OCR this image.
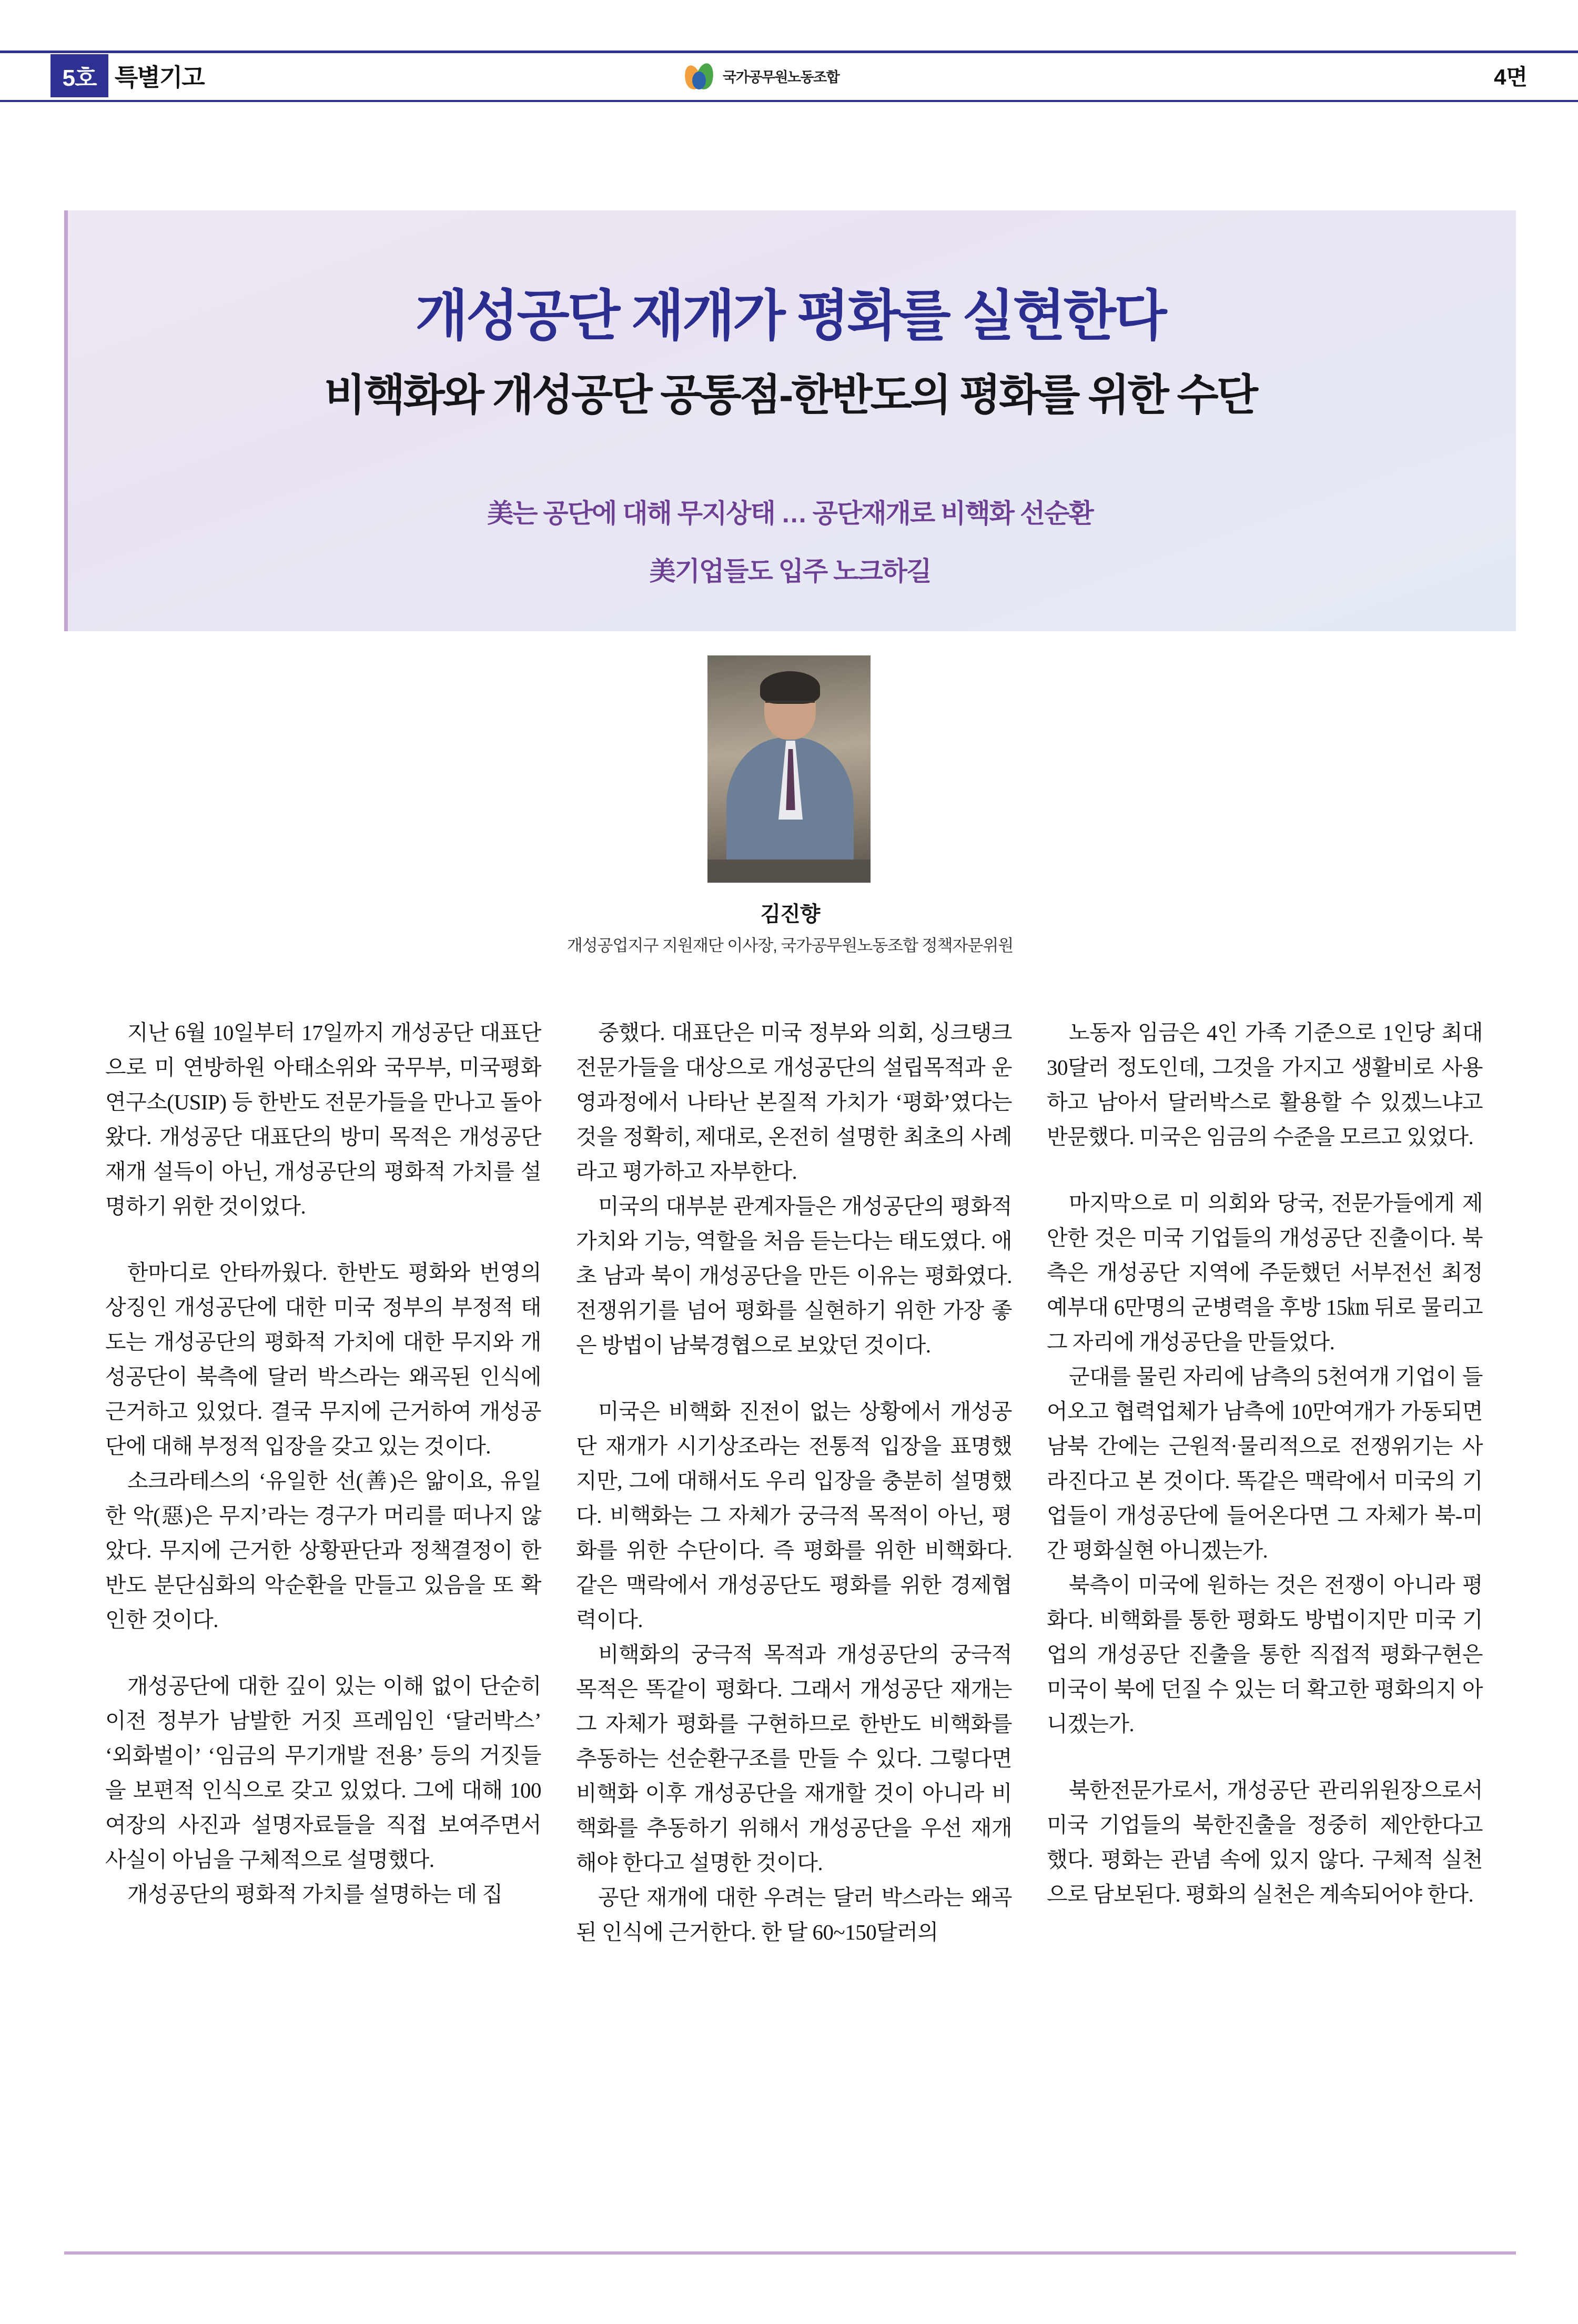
5호 특별기고	국가공무원노동조합	4면
개성공단 재개가 평화를 실현한다
비핵화와 개성공단 공통점-한반도의 평화를 위한 수단
美는 공단에 대해 무지상태 … 공단재개로 비핵화 선순환
美기업들도 입주 노크하길
김진향
개성공업지구 지원재단 이사장, 국가공무원노동조합 정책자문위원

지난 6월 10일부터 17일까지 개성공단 대표단으로 미 연방하원 아태소위와 국무부, 미국평화연구소(USIP) 등 한반도 전문가들을 만나고 돌아왔다. 개성공단 대표단의 방미 목적은 개성공단 재개 설득이 아닌, 개성공단의 평화적 가치를 설명하기 위한 것이었다.

한마디로 안타까웠다. 한반도 평화와 번영의 상징인 개성공단에 대한 미국 정부의 부정적 태도는 개성공단의 평화적 가치에 대한 무지와 개성공단이 북측에 달러 박스라는 왜곡된 인식에 근거하고 있었다. 결국 무지에 근거하여 개성공단에 대해 부정적 입장을 갖고 있는 것이다.

소크라테스의 ‘유일한 선(善)은 앎이요, 유일한 악(惡)은 무지’라는 경구가 머리를 떠나지 않았다. 무지에 근거한 상황판단과 정책결정이 한반도 분단심화의 악순환을 만들고 있음을 또 확인한 것이다.

개성공단에 대한 깊이 있는 이해 없이 단순히 이전 정부가 남발한 거짓 프레임인 ‘달러박스’ ‘외화벌이’ ‘임금의 무기개발 전용’ 등의 거짓들을 보편적 인식으로 갖고 있었다. 그에 대해 100여장의 사진과 설명자료들을 직접 보여주면서 사실이 아님을 구체적으로 설명했다.

개성공단의 평화적 가치를 설명하는 데 집

중했다. 대표단은 미국 정부와 의회, 싱크탱크 전문가들을 대상으로 개성공단의 설립목적과 운영과정에서 나타난 본질적 가치가 ‘평화’였다는 것을 정확히, 제대로, 온전히 설명한 최초의 사례라고 평가하고 자부한다.

미국의 대부분 관계자들은 개성공단의 평화적 가치와 기능, 역할을 처음 듣는다는 태도였다. 애초 남과 북이 개성공단을 만든 이유는 평화였다. 전쟁위기를 넘어 평화를 실현하기 위한 가장 좋은 방법이 남북경협으로 보았던 것이다.

미국은 비핵화 진전이 없는 상황에서 개성공단 재개가 시기상조라는 전통적 입장을 표명했지만, 그에 대해서도 우리 입장을 충분히 설명했다. 비핵화는 그 자체가 궁극적 목적이 아닌, 평화를 위한 수단이다. 즉 평화를 위한 비핵화다. 같은 맥락에서 개성공단도 평화를 위한 경제협력이다.

비핵화의 궁극적 목적과 개성공단의 궁극적 목적은 똑같이 평화다. 그래서 개성공단 재개는 그 자체가 평화를 구현하므로 한반도 비핵화를 추동하는 선순환구조를 만들 수 있다. 그렇다면 비핵화 이후 개성공단을 재개할 것이 아니라 비핵화를 추동하기 위해서 개성공단을 우선 재개해야 한다고 설명한 것이다.

공단 재개에 대한 우려는 달러 박스라는 왜곡된 인식에 근거한다. 한 달 60~150달러의

노동자 임금은 4인 가족 기준으로 1인당 최대 30달러 정도인데, 그것을 가지고 생활비로 사용하고 남아서 달러박스로 활용할 수 있겠느냐고 반문했다. 미국은 임금의 수준을 모르고 있었다.

마지막으로 미 의회와 당국, 전문가들에게 제안한 것은 미국 기업들의 개성공단 진출이다. 북측은 개성공단 지역에 주둔했던 서부전선 최정예부대 6만명의 군병력을 후방 15㎞ 뒤로 물리고 그 자리에 개성공단을 만들었다.

군대를 물린 자리에 남측의 5천여개 기업이 들어오고 협력업체가 남측에 10만여개가 가동되면 남북 간에는 근원적·물리적으로 전쟁위기는 사라진다고 본 것이다. 똑같은 맥락에서 미국의 기업들이 개성공단에 들어온다면 그 자체가 북-미 간 평화실현 아니겠는가.

북측이 미국에 원하는 것은 전쟁이 아니라 평화다. 비핵화를 통한 평화도 방법이지만 미국 기업의 개성공단 진출을 통한 직접적 평화구현은 미국이 북에 던질 수 있는 더 확고한 평화의지 아니겠는가.

북한전문가로서, 개성공단 관리위원장으로서 미국 기업들의 북한진출을 정중히 제안한다고 했다. 평화는 관념 속에 있지 않다. 구체적 실천으로 담보된다. 평화의 실천은 계속되어야 한다.
